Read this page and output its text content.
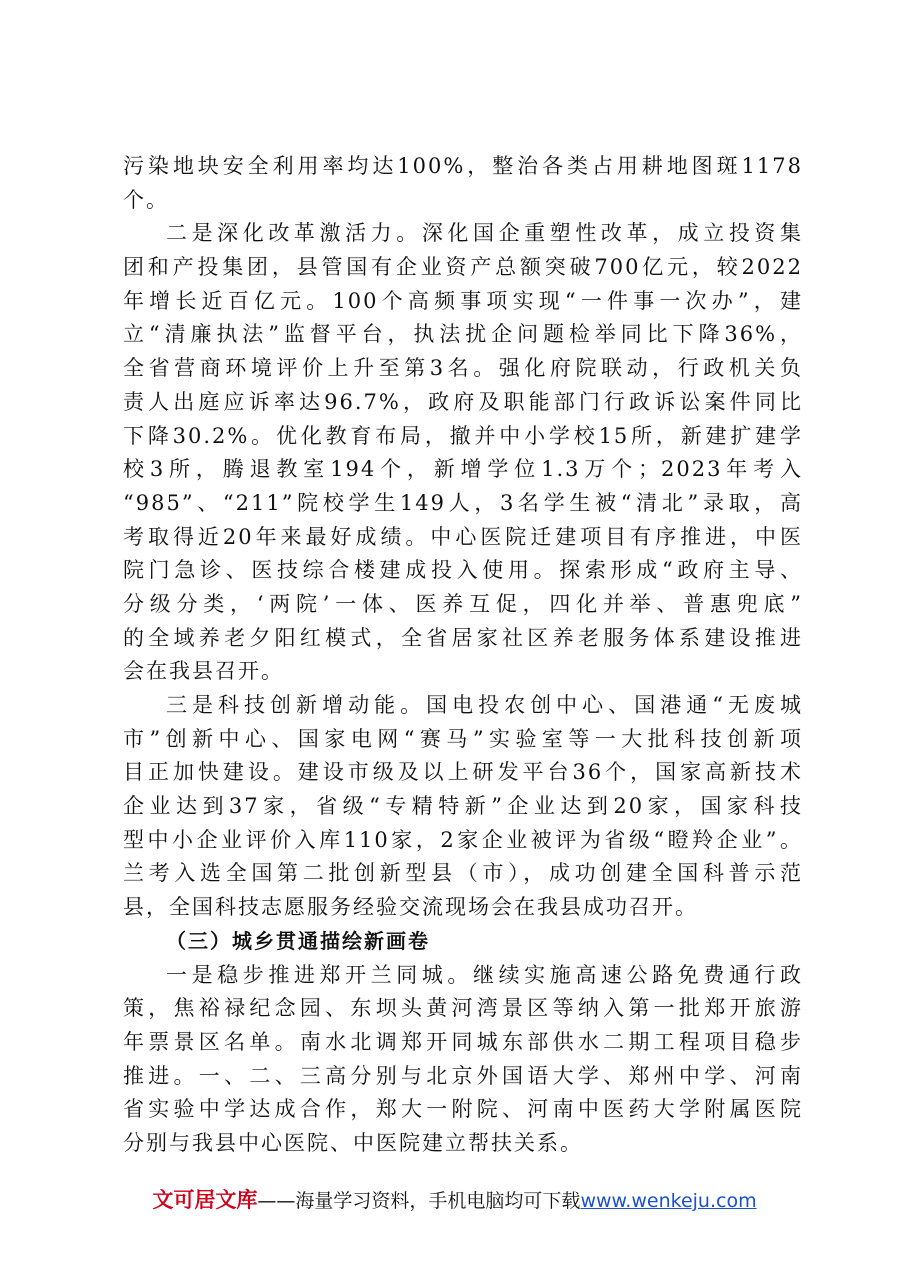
污染地块安全利用率均达100%，整治各类占用耕地图斑1178
个。
二是深化改革激活力。深化国企重塑性改革，成立投资集
团和产投集团，县管国有企业资产总额突破700亿元，较2022
年增长近百亿元。100个高频事项实现“一件事一次办”，建
立“清廉执法”监督平台，执法扰企问题检举同比下降36%，
全省营商环境评价上升至第3名。强化府院联动，行政机关负
责人出庭应诉率达96.7%，政府及职能部门行政诉讼案件同比
下降30.2%。优化教育布局，撤并中小学校15所，新建扩建学
校3所，腾退教室194个，新增学位1.3万个；2023年考入
“985”、“211”院校学生149人，3名学生被“清北”录取，高
考取得近20年来最好成绩。中心医院迁建项目有序推进，中医
院门急诊、医技综合楼建成投入使用。探索形成“政府主导、
分级分类，‘两院’一体、医养互促，四化并举、普惠兜底”
的全域养老夕阳红模式，全省居家社区养老服务体系建设推进
会在我县召开。
三是科技创新增动能。国电投农创中心、国港通“无废城
市”创新中心、国家电网“赛马”实验室等一大批科技创新项
目正加快建设。建设市级及以上研发平台36个，国家高新技术
企业达到37家，省级“专精特新”企业达到20家，国家科技
型中小企业评价入库110家，2家企业被评为省级“瞪羚企业”。
兰考入选全国第二批创新型县（市），成功创建全国科普示范
县，全国科技志愿服务经验交流现场会在我县成功召开。
（三）城乡贯通描绘新画卷
一是稳步推进郑开兰同城。继续实施高速公路免费通行政
策，焦裕禄纪念园、东坝头黄河湾景区等纳入第一批郑开旅游
年票景区名单。南水北调郑开同城东部供水二期工程项目稳步
推进。一、二、三高分别与北京外国语大学、郑州中学、河南
省实验中学达成合作，郑大一附院、河南中医药大学附属医院
分别与我县中心医院、中医院建立帮扶关系。
文可居文库——海量学习资料，手机电脑均可下载www.wenkeju.com
